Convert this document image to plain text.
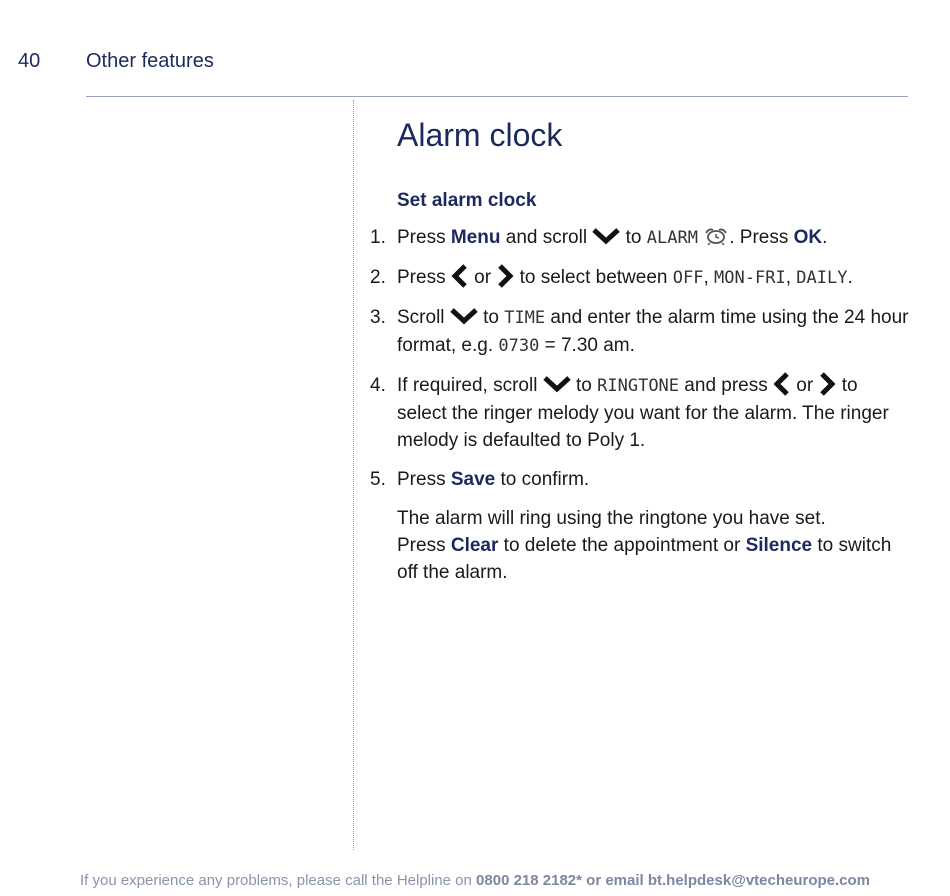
40 Other features
Alarm clock
Set alarm clock
1. Press Menu and scroll  to ALARM . Press OK.
2. Press  or  to select between OFF, MON-FRI, DAILY.
3. Scroll  to TIME and enter the alarm time using the 24 hour format, e.g. 0730 = 7.30 am.
4. If required, scroll  to RINGTONE and press  or  to select the ringer melody you want for the alarm. The ringer melody is defaulted to Poly 1.
5. Press Save to confirm.
The alarm will ring using the ringtone you have set.
Press Clear to delete the appointment or Silence to switch off the alarm.
If you experience any problems, please call the Helpline on 0800 218 2182* or email bt.helpdesk@vtecheurope.com
